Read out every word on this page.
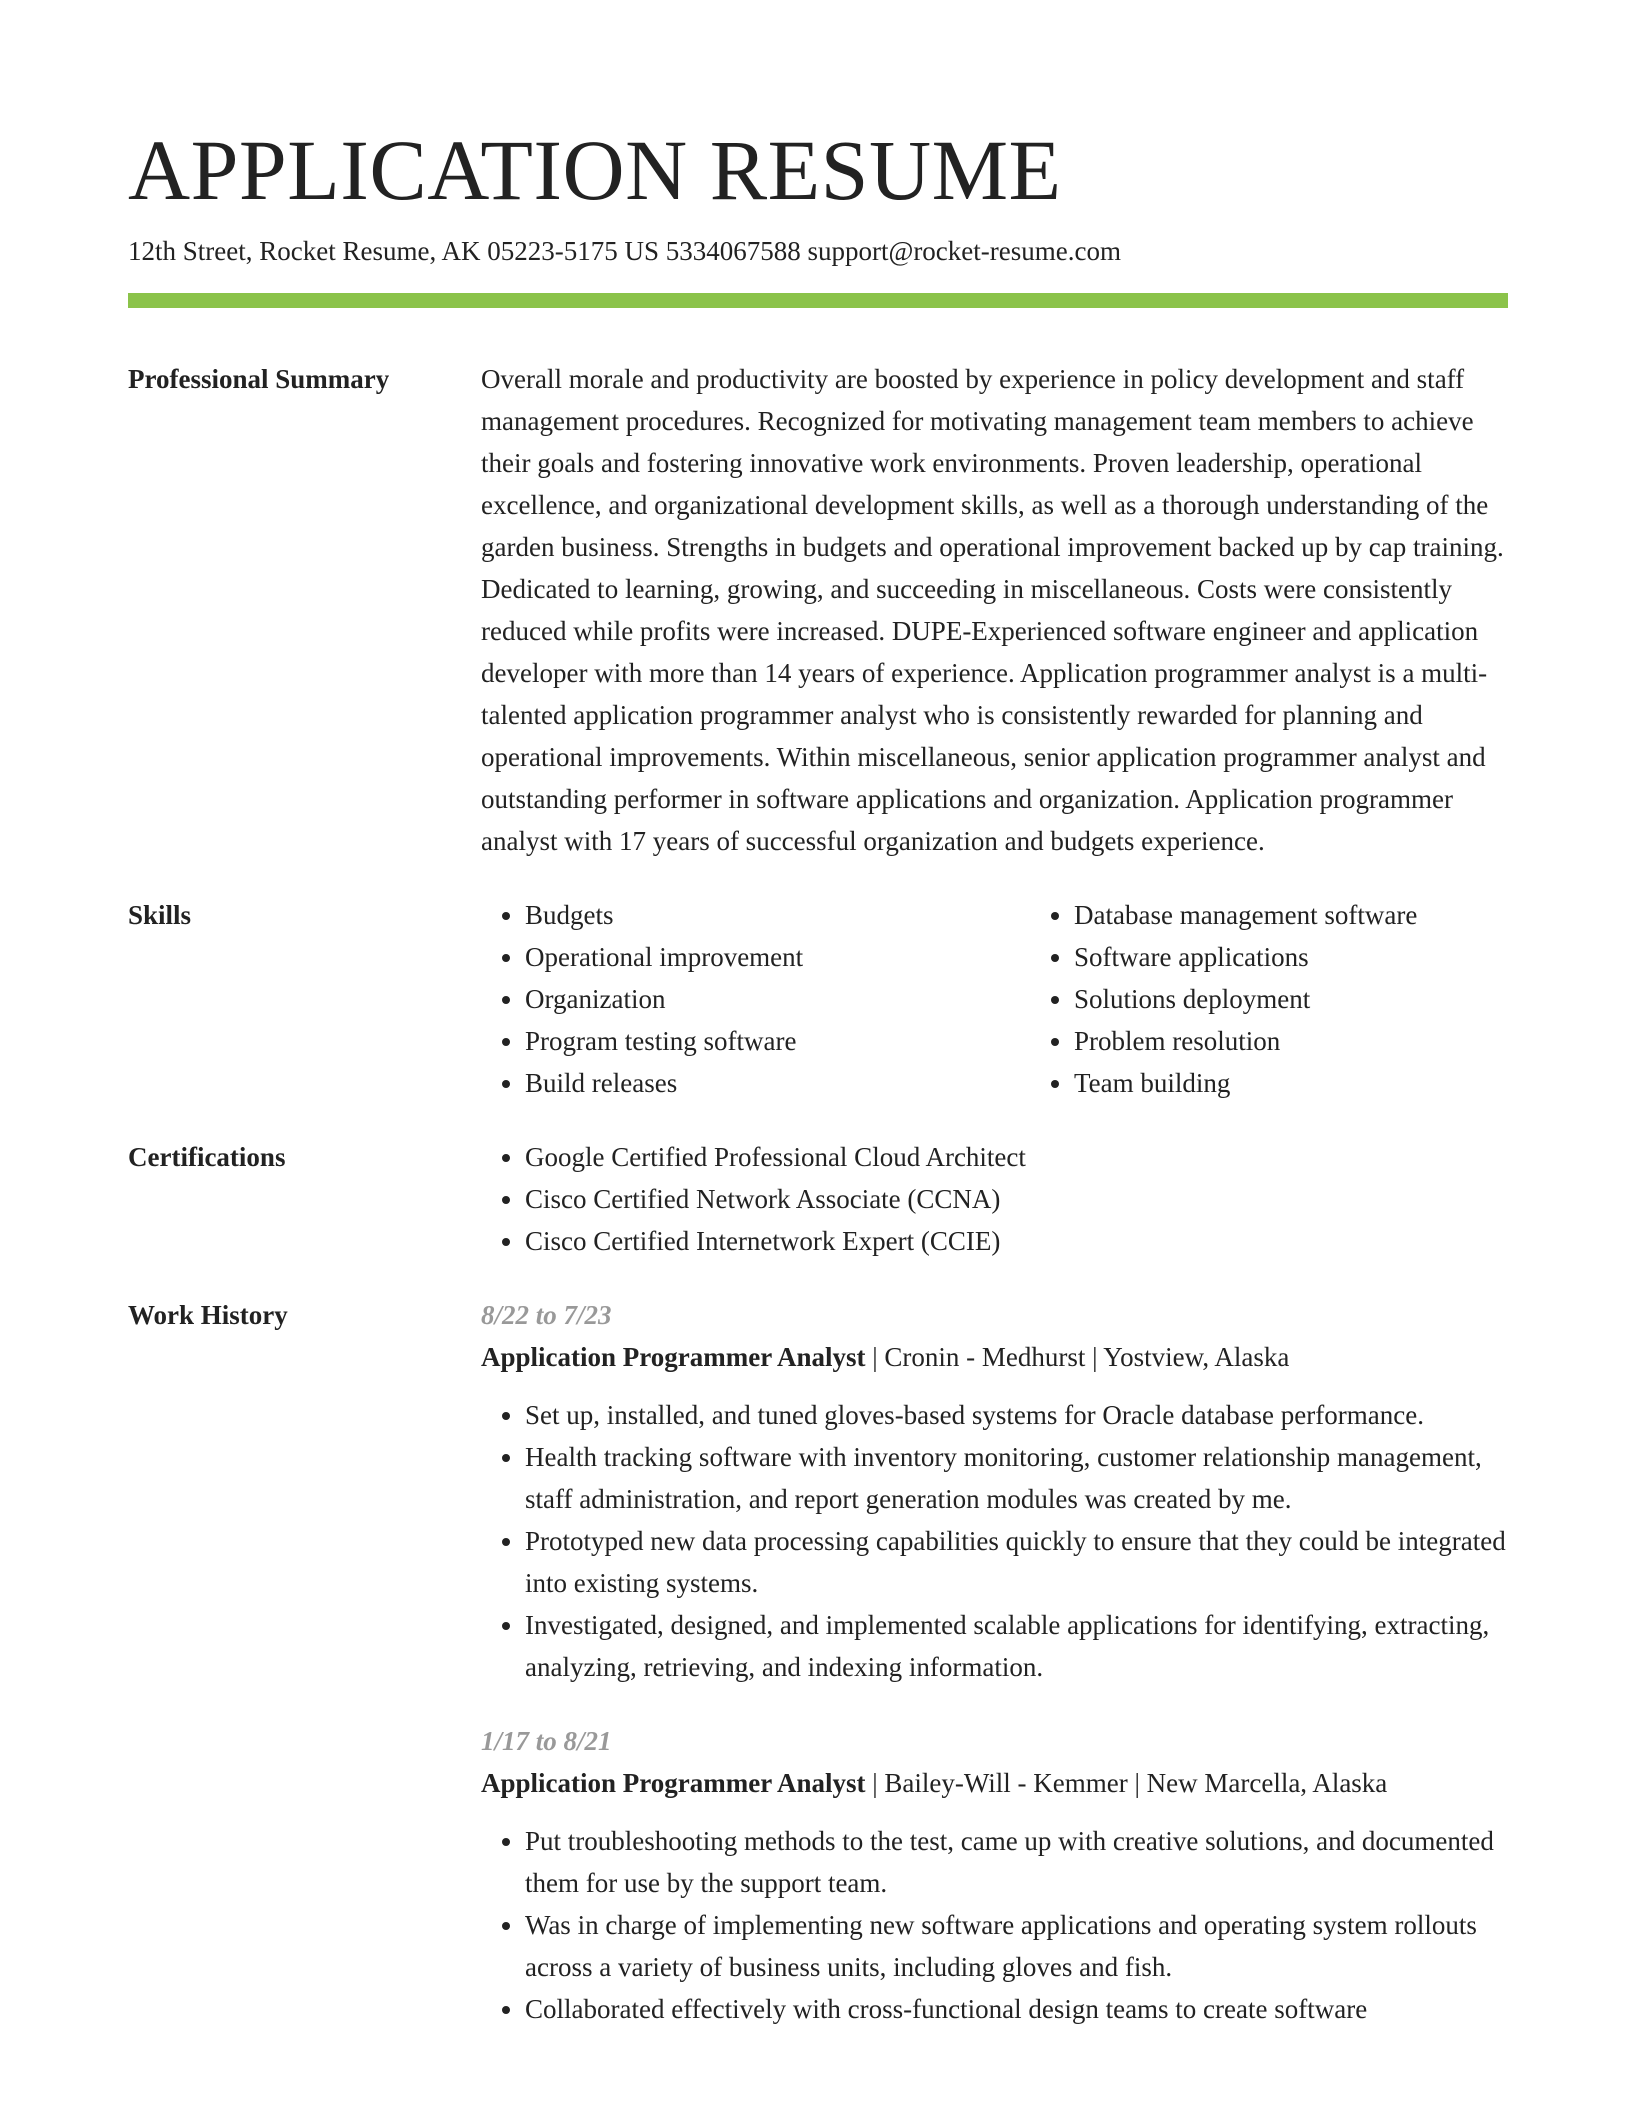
APPLICATION RESUME
12th Street, Rocket Resume, AK 05223-5175 US 5334067588 support@rocket-resume.com
Professional Summary	Overall morale and productivity are boosted by experience in policy development and staff management procedures. Recognized for motivating management team members to achieve their goals and fostering innovative work environments. Proven leadership, operational excellence, and organizational development skills, as well as a thorough understanding of the garden business. Strengths in budgets and operational improvement backed up by cap training. Dedicated to learning, growing, and succeeding in miscellaneous. Costs were consistently reduced while profits were increased. DUPE-Experienced software engineer and application developer with more than 14 years of experience. Application programmer analyst is a multi-talented application programmer analyst who is consistently rewarded for planning and operational improvements. Within miscellaneous, senior application programmer analyst and outstanding performer in software applications and organization. Application programmer analyst with 17 years of successful organization and budgets experience.
Skills	• Budgets
• Operational improvement
• Organization
• Program testing software
• Build releases
• Database management software
• Software applications
• Solutions deployment
• Problem resolution
• Team building
Certifications	• Google Certified Professional Cloud Architect
• Cisco Certified Network Associate (CCNA)
• Cisco Certified Internetwork Expert (CCIE)
Work History	8/22 to 7/23
Application Programmer Analyst | Cronin - Medhurst | Yostview, Alaska
• Set up, installed, and tuned gloves-based systems for Oracle database performance.
• Health tracking software with inventory monitoring, customer relationship management, staff administration, and report generation modules was created by me.
• Prototyped new data processing capabilities quickly to ensure that they could be integrated into existing systems.
• Investigated, designed, and implemented scalable applications for identifying, extracting, analyzing, retrieving, and indexing information.
1/17 to 8/21
Application Programmer Analyst | Bailey-Will - Kemmer | New Marcella, Alaska
• Put troubleshooting methods to the test, came up with creative solutions, and documented them for use by the support team.
• Was in charge of implementing new software applications and operating system rollouts across a variety of business units, including gloves and fish.
• Collaborated effectively with cross-functional design teams to create software
